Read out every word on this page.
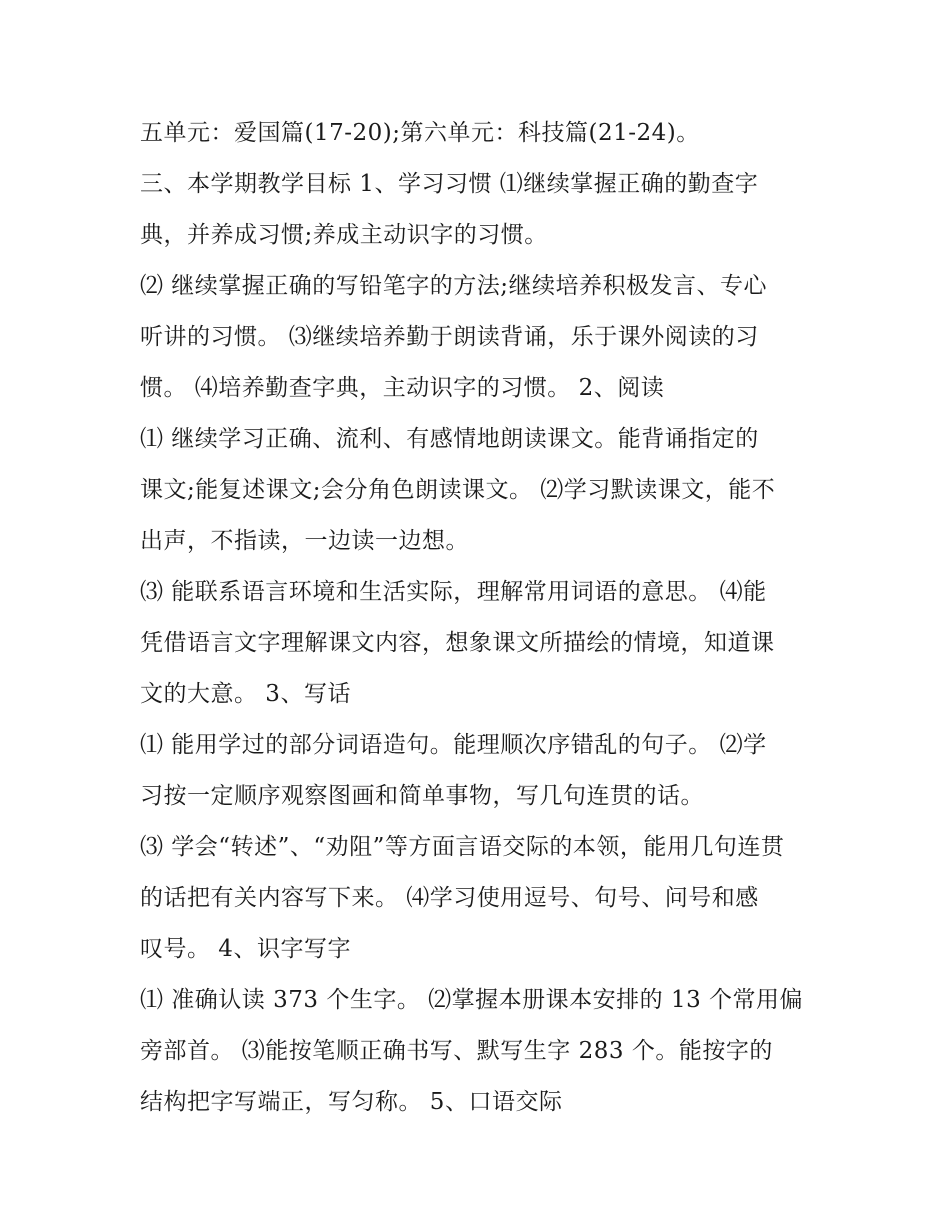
五单元：爱国篇(17-20);第六单元：科技篇(21-24)。
三、本学期教学目标 1、学习习惯 ⑴继续掌握正确的勤查字
典，并养成习惯;养成主动识字的习惯。
⑵ 继续掌握正确的写铅笔字的方法;继续培养积极发言、专心
听讲的习惯。 ⑶继续培养勤于朗读背诵，乐于课外阅读的习
惯。 ⑷培养勤查字典，主动识字的习惯。 2、阅读
⑴ 继续学习正确、流利、有感情地朗读课文。能背诵指定的
课文;能复述课文;会分角色朗读课文。 ⑵学习默读课文，能不
出声，不指读，一边读一边想。
⑶ 能联系语言环境和生活实际，理解常用词语的意思。 ⑷能
凭借语言文字理解课文内容，想象课文所描绘的情境，知道课
文的大意。 3、写话
⑴ 能用学过的部分词语造句。能理顺次序错乱的句子。 ⑵学
习按一定顺序观察图画和简单事物，写几句连贯的话。
⑶ 学会“转述”、“劝阻”等方面言语交际的本领，能用几句连贯
的话把有关内容写下来。 ⑷学习使用逗号、句号、问号和感
叹号。 4、识字写字
⑴ 准确认读 373 个生字。 ⑵掌握本册课本安排的 13 个常用偏
旁部首。 ⑶能按笔顺正确书写、默写生字 283 个。能按字的
结构把字写端正，写匀称。 5、口语交际
